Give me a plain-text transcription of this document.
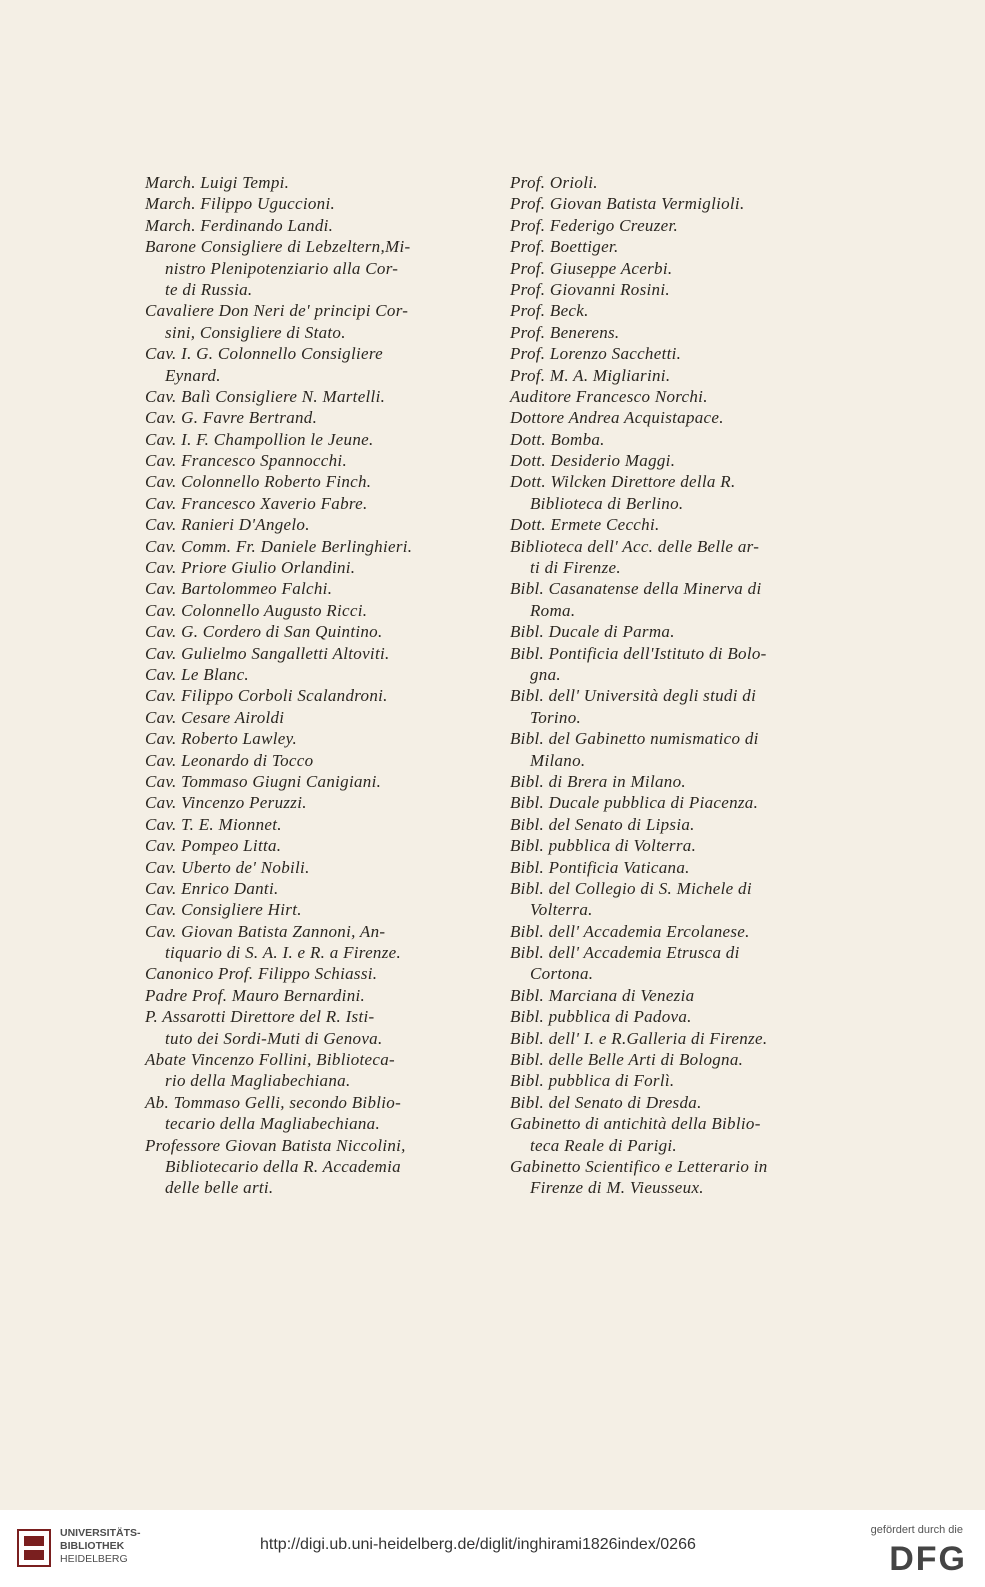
March. Luigi Tempi.
March. Filippo Uguccioni.
March. Ferdinando Landi.
Barone Consigliere di Lebzeltern,Mi-
nistro Plenipotenziario alla Cor-
te di Russia.
Cavaliere Don Neri de' principi Cor-
sini, Consigliere di Stato.
Cav. I. G. Colonnello Consigliere
Eynard.
Cav. Balì Consigliere N. Martelli.
Cav. G. Favre Bertrand.
Cav. I. F. Champollion le Jeune.
Cav. Francesco Spannocchi.
Cav. Colonnello Roberto Finch.
Cav. Francesco Xaverio Fabre.
Cav. Ranieri D'Angelo.
Cav. Comm. Fr. Daniele Berlinghieri.
Cav. Priore Giulio Orlandini.
Cav. Bartolommeo Falchi.
Cav. Colonnello Augusto Ricci.
Cav. G. Cordero di San Quintino.
Cav. Gulielmo Sangalletti Altoviti.
Cav. Le Blanc.
Cav. Filippo Corboli Scalandroni.
Cav. Cesare Airoldi
Cav. Roberto Lawley.
Cav. Leonardo di Tocco
Cav. Tommaso Giugni Canigiani.
Cav. Vincenzo Peruzzi.
Cav. T. E. Mionnet.
Cav. Pompeo Litta.
Cav. Uberto de' Nobili.
Cav. Enrico Danti.
Cav. Consigliere Hirt.
Cav. Giovan Batista Zannoni, An-
tiquario di S. A. I. e R. a Firenze.
Canonico Prof. Filippo Schiassi.
Padre Prof. Mauro Bernardini.
P. Assarotti Direttore del R. Isti-
tuto dei Sordi-Muti di Genova.
Abate Vincenzo Follini, Biblioteca-
rio della Magliabechiana.
Ab. Tommaso Gelli, secondo Biblio-
tecario della Magliabechiana.
Professore Giovan Batista Niccolini,
Bibliotecario della R. Accademia
delle belle arti.
Prof. Orioli.
Prof. Giovan Batista Vermiglioli.
Prof. Federigo Creuzer.
Prof. Boettiger.
Prof. Giuseppe Acerbi.
Prof. Giovanni Rosini.
Prof. Beck.
Prof. Benerens.
Prof. Lorenzo Sacchetti.
Prof. M. A. Migliarini.
Auditore Francesco Norchi.
Dottore Andrea Acquistapace.
Dott. Bomba.
Dott. Desiderio Maggi.
Dott. Wilcken Direttore della R.
Biblioteca di Berlino.
Dott. Ermete Cecchi.
Biblioteca dell' Acc. delle Belle ar-
ti di Firenze.
Bibl. Casanatense della Minerva di
Roma.
Bibl. Ducale di Parma.
Bibl. Pontificia dell'Istituto di Bolo-
gna.
Bibl. dell' Università degli studi di
Torino.
Bibl. del Gabinetto numismatico di
Milano.
Bibl. di Brera in Milano.
Bibl. Ducale pubblica di Piacenza.
Bibl. del Senato di Lipsia.
Bibl. pubblica di Volterra.
Bibl. Pontificia Vaticana.
Bibl. del Collegio di S. Michele di
Volterra.
Bibl. dell' Accademia Ercolanese.
Bibl. dell' Accademia Etrusca di
Cortona.
Bibl. Marciana di Venezia
Bibl. pubblica di Padova.
Bibl. dell' I. e R.Galleria di Firenze.
Bibl. delle Belle Arti di Bologna.
Bibl. pubblica di Forlì.
Bibl. del Senato di Dresda.
Gabinetto di antichità della Biblio-
teca Reale di Parigi.
Gabinetto Scientifico e Letterario in
Firenze di M. Vieusseux.
UNIVERSITÄTS-
BIBLIOTHEK
HEIDELBERG
http://digi.ub.uni-heidelberg.de/diglit/inghirami1826index/0266
gefördert durch die
DFG
